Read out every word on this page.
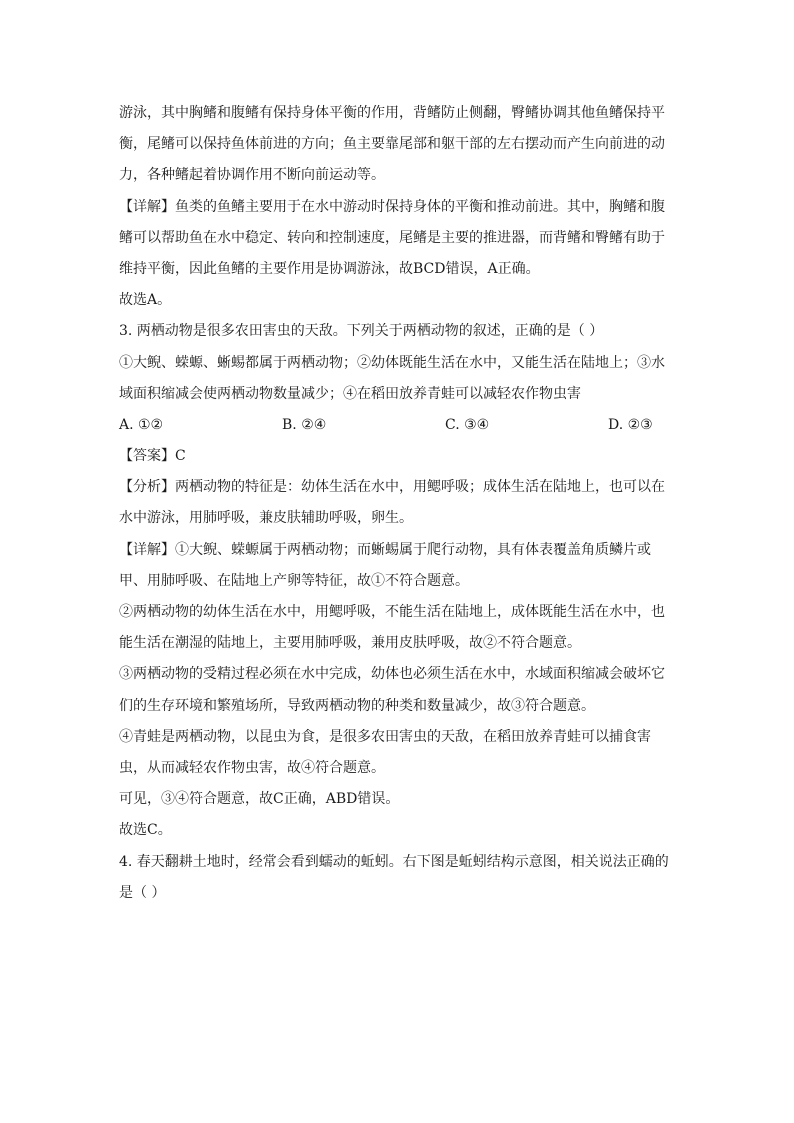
游泳，其中胸鳍和腹鳍有保持身体平衡的作用，背鳍防止侧翻，臀鳍协调其他鱼鳍保持平
衡，尾鳍可以保持鱼体前进的方向；鱼主要靠尾部和躯干部的左右摆动而产生向前进的动
力，各种鳍起着协调作用不断向前运动等。
【详解】鱼类的鱼鳍主要用于在水中游动时保持身体的平衡和推动前进。其中，胸鳍和腹
鳍可以帮助鱼在水中稳定、转向和控制速度，尾鳍是主要的推进器，而背鳍和臀鳍有助于
维持平衡，因此鱼鳍的主要作用是协调游泳，故BCD错误，A正确。
故选A。
3. 两栖动物是很多农田害虫的天敌。下列关于两栖动物的叙述，正确的是（ ）
①大鲵、蝾螈、蜥蜴都属于两栖动物；②幼体既能生活在水中，又能生活在陆地上；③水
域面积缩减会使两栖动物数量减少；④在稻田放养青蛙可以减轻农作物虫害
A. ①②	B. ②④	C. ③④	D. ②③
【答案】C
【分析】两栖动物的特征是：幼体生活在水中，用鳃呼吸；成体生活在陆地上，也可以在
水中游泳，用肺呼吸，兼皮肤辅助呼吸，卵生。
【详解】①大鲵、蝾螈属于两栖动物；而蜥蜴属于爬行动物，具有体表覆盖角质鳞片或
甲、用肺呼吸、在陆地上产卵等特征，故①不符合题意。
②两栖动物的幼体生活在水中，用鳃呼吸，不能生活在陆地上，成体既能生活在水中，也
能生活在潮湿的陆地上，主要用肺呼吸，兼用皮肤呼吸，故②不符合题意。
③两栖动物的受精过程必须在水中完成，幼体也必须生活在水中，水域面积缩减会破坏它
们的生存环境和繁殖场所，导致两栖动物的种类和数量减少，故③符合题意。
④青蛙是两栖动物，以昆虫为食，是很多农田害虫的天敌，在稻田放养青蛙可以捕食害
虫，从而减轻农作物虫害，故④符合题意。
可见，③④符合题意，故C正确，ABD错误。
故选C。
4. 春天翻耕土地时，经常会看到蠕动的蚯蚓。右下图是蚯蚓结构示意图，相关说法正确的
是（ ）
